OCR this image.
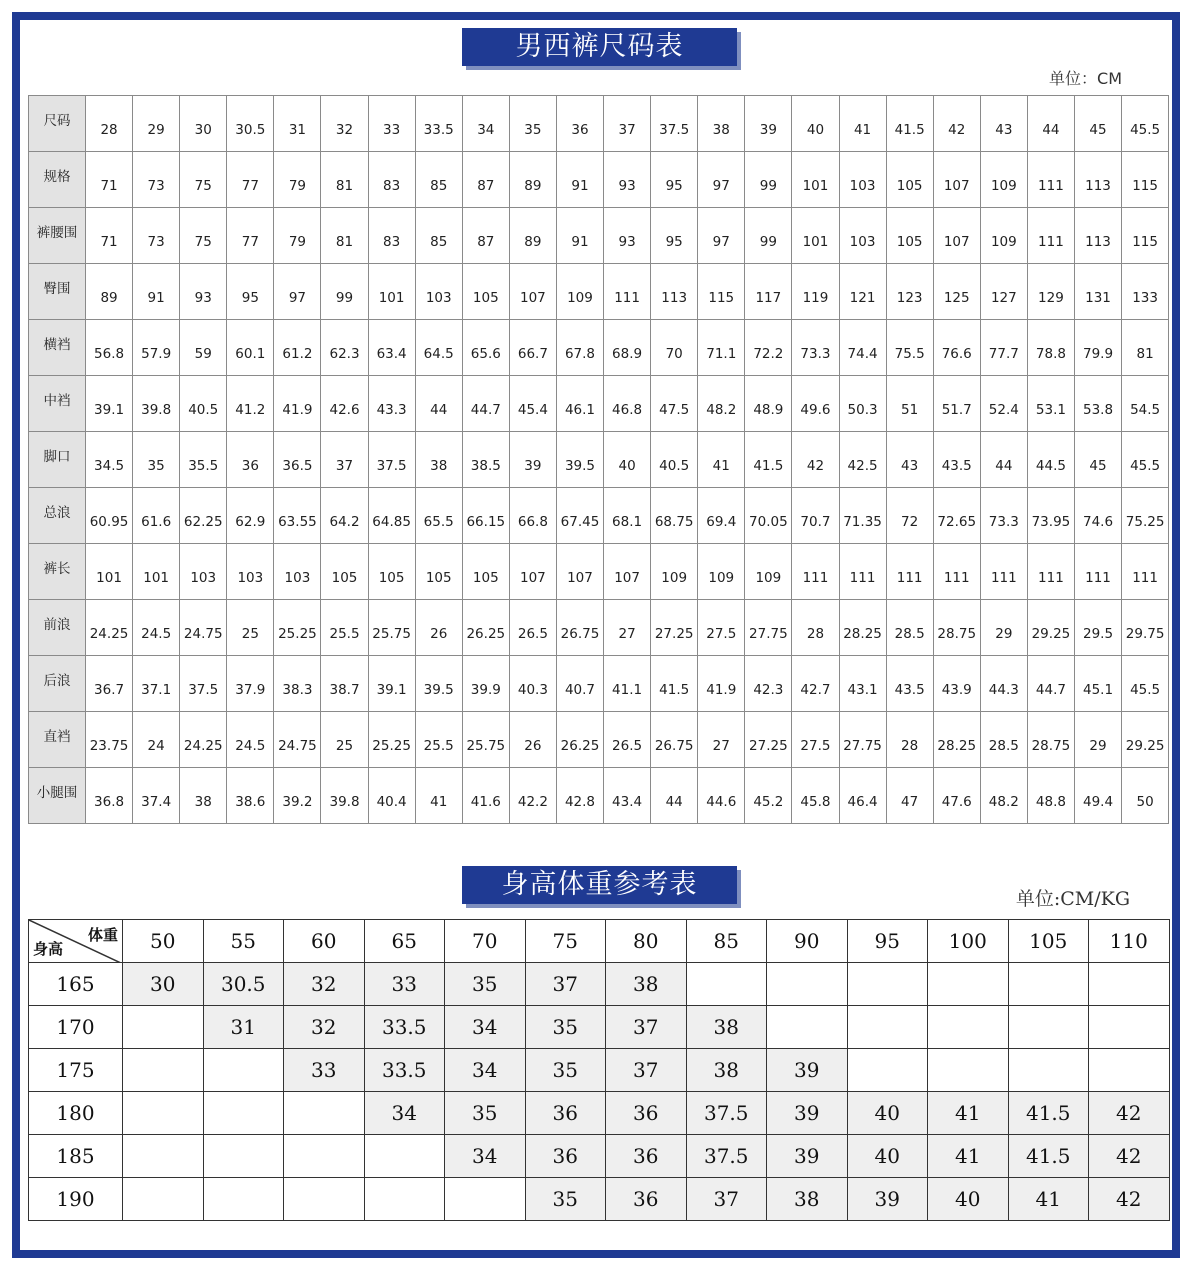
男西裤尺码表
单位：CM
尺码	28	29	30	30.5	31	32	33	33.5	34	35	36	37	37.5	38	39	40	41	41.5	42	43	44	45	45.5
规格	71	73	75	77	79	81	83	85	87	89	91	93	95	97	99	101	103	105	107	109	111	113	115
裤腰围	71	73	75	77	79	81	83	85	87	89	91	93	95	97	99	101	103	105	107	109	111	113	115
臀围	89	91	93	95	97	99	101	103	105	107	109	111	113	115	117	119	121	123	125	127	129	131	133
横裆	56.8	57.9	59	60.1	61.2	62.3	63.4	64.5	65.6	66.7	67.8	68.9	70	71.1	72.2	73.3	74.4	75.5	76.6	77.7	78.8	79.9	81
中裆	39.1	39.8	40.5	41.2	41.9	42.6	43.3	44	44.7	45.4	46.1	46.8	47.5	48.2	48.9	49.6	50.3	51	51.7	52.4	53.1	53.8	54.5
脚口	34.5	35	35.5	36	36.5	37	37.5	38	38.5	39	39.5	40	40.5	41	41.5	42	42.5	43	43.5	44	44.5	45	45.5
总浪	60.95	61.6	62.25	62.9	63.55	64.2	64.85	65.5	66.15	66.8	67.45	68.1	68.75	69.4	70.05	70.7	71.35	72	72.65	73.3	73.95	74.6	75.25
裤长	101	101	103	103	103	105	105	105	105	107	107	107	109	109	109	111	111	111	111	111	111	111	111
前浪	24.25	24.5	24.75	25	25.25	25.5	25.75	26	26.25	26.5	26.75	27	27.25	27.5	27.75	28	28.25	28.5	28.75	29	29.25	29.5	29.75
后浪	36.7	37.1	37.5	37.9	38.3	38.7	39.1	39.5	39.9	40.3	40.7	41.1	41.5	41.9	42.3	42.7	43.1	43.5	43.9	44.3	44.7	45.1	45.5
直裆	23.75	24	24.25	24.5	24.75	25	25.25	25.5	25.75	26	26.25	26.5	26.75	27	27.25	27.5	27.75	28	28.25	28.5	28.75	29	29.25
小腿围	36.8	37.4	38	38.6	39.2	39.8	40.4	41	41.6	42.2	42.8	43.4	44	44.6	45.2	45.8	46.4	47	47.6	48.2	48.8	49.4	50
身高体重参考表	单位:CM/KG
体重
身高	50	55	60	65	70	75	80	85	90	95	100	105	110
165	30	30.5	32	33	35	37	38						
170		31	32	33.5	34	35	37	38					
175			33	33.5	34	35	37	38	39				
180				34	35	36	36	37.5	39	40	41	41.5	42
185					34	36	36	37.5	39	40	41	41.5	42
190						35	36	37	38	39	40	41	42
